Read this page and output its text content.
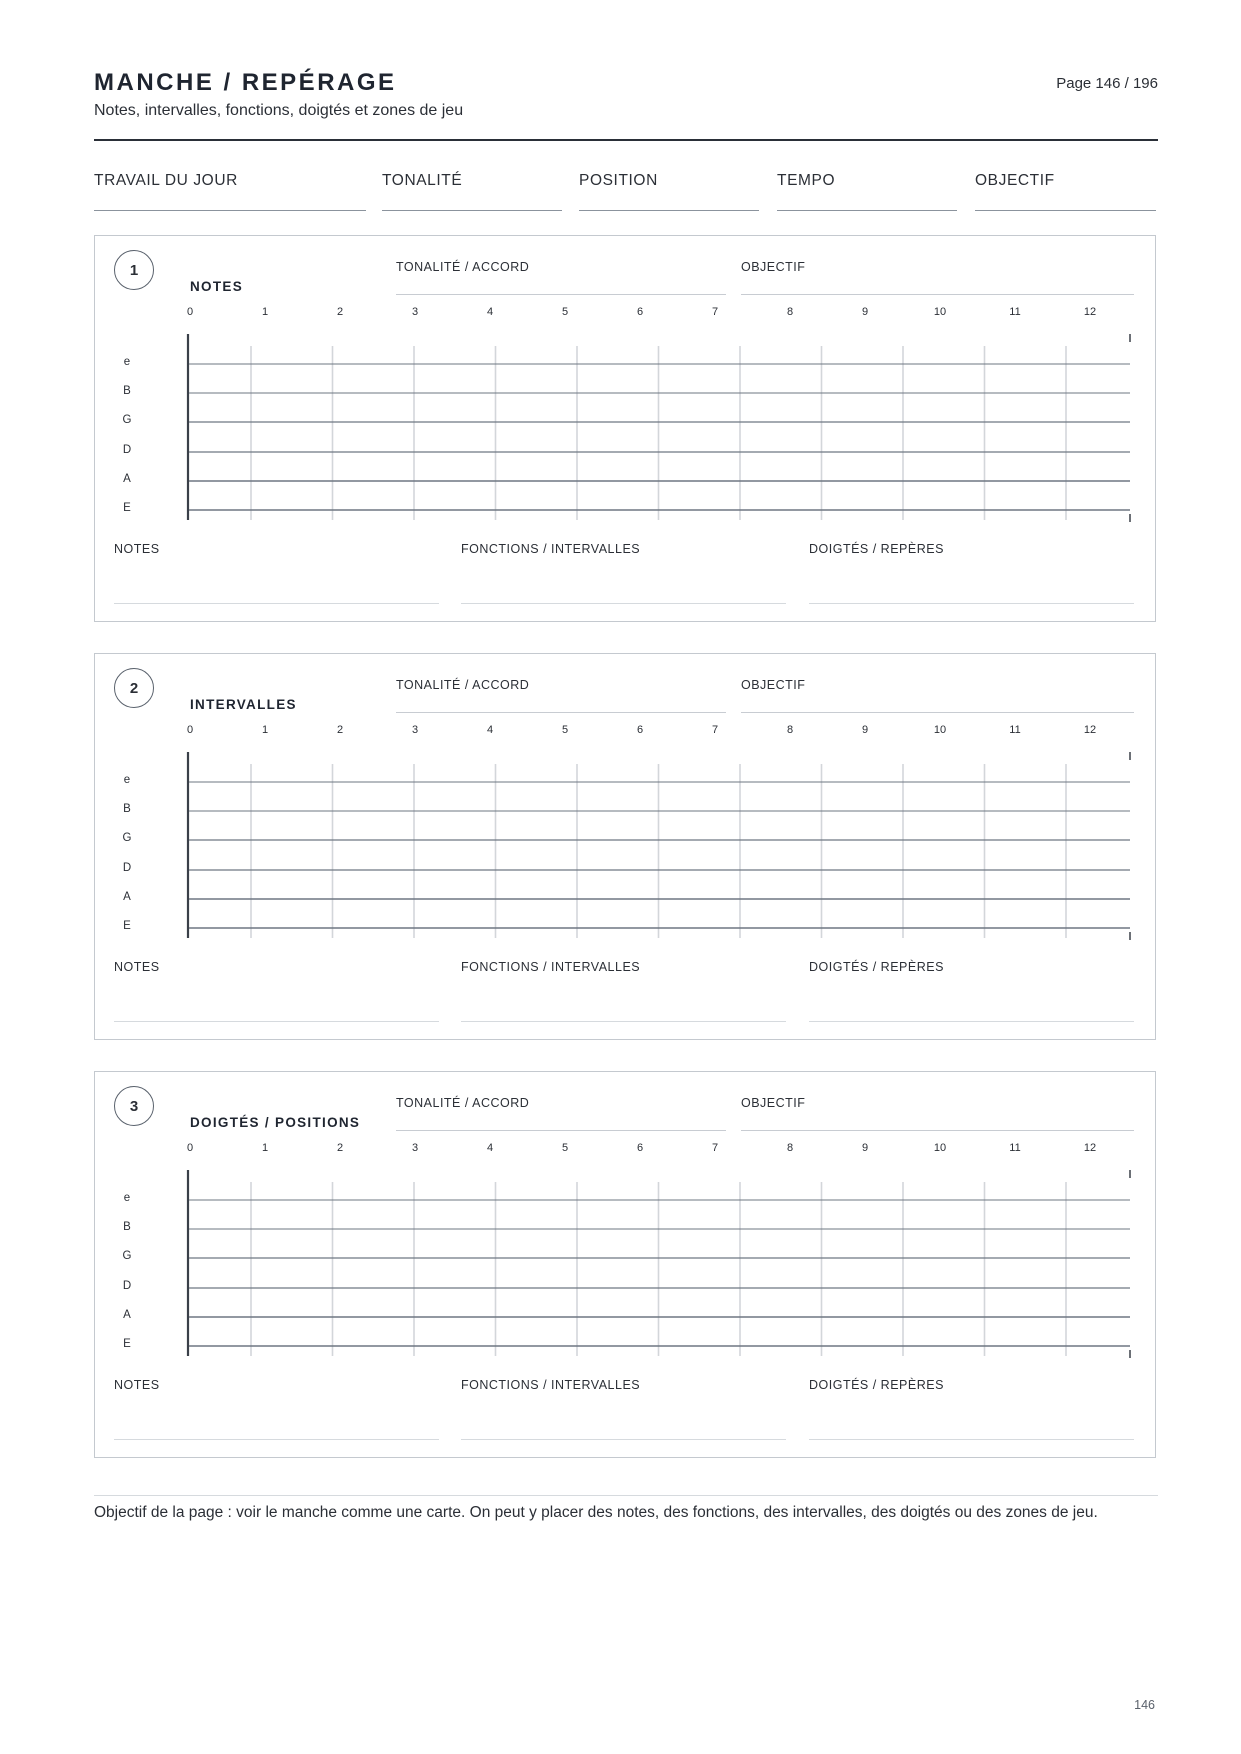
MANCHE / REPÉRAGE

Notes, intervalles, fonctions, doigtés et zones de jeu

Page 146 / 196
TRAVAIL DU JOUR	TONALITÉ	POSITION	TEMPO	OBJECTIF
1
NOTES
TONALITÉ / ACCORD	OBJECTIF
0	1	2	3	4	5	6	7	8	9	10	11	12
e
B
G
D
A
E
NOTES	FONCTIONS / INTERVALLES	DOIGTÉS / REPÈRES
2
INTERVALLES
TONALITÉ / ACCORD	OBJECTIF
0	1	2	3	4	5	6	7	8	9	10	11	12
e
B
G
D
A
E
NOTES	FONCTIONS / INTERVALLES	DOIGTÉS / REPÈRES
3
DOIGTÉS / POSITIONS
TONALITÉ / ACCORD	OBJECTIF
0	1	2	3	4	5	6	7	8	9	10	11	12
e
B
G
D
A
E
NOTES	FONCTIONS / INTERVALLES	DOIGTÉS / REPÈRES
Objectif de la page : voir le manche comme une carte. On peut y placer des notes, des fonctions, des intervalles, des doigtés ou des zones de jeu.
146
